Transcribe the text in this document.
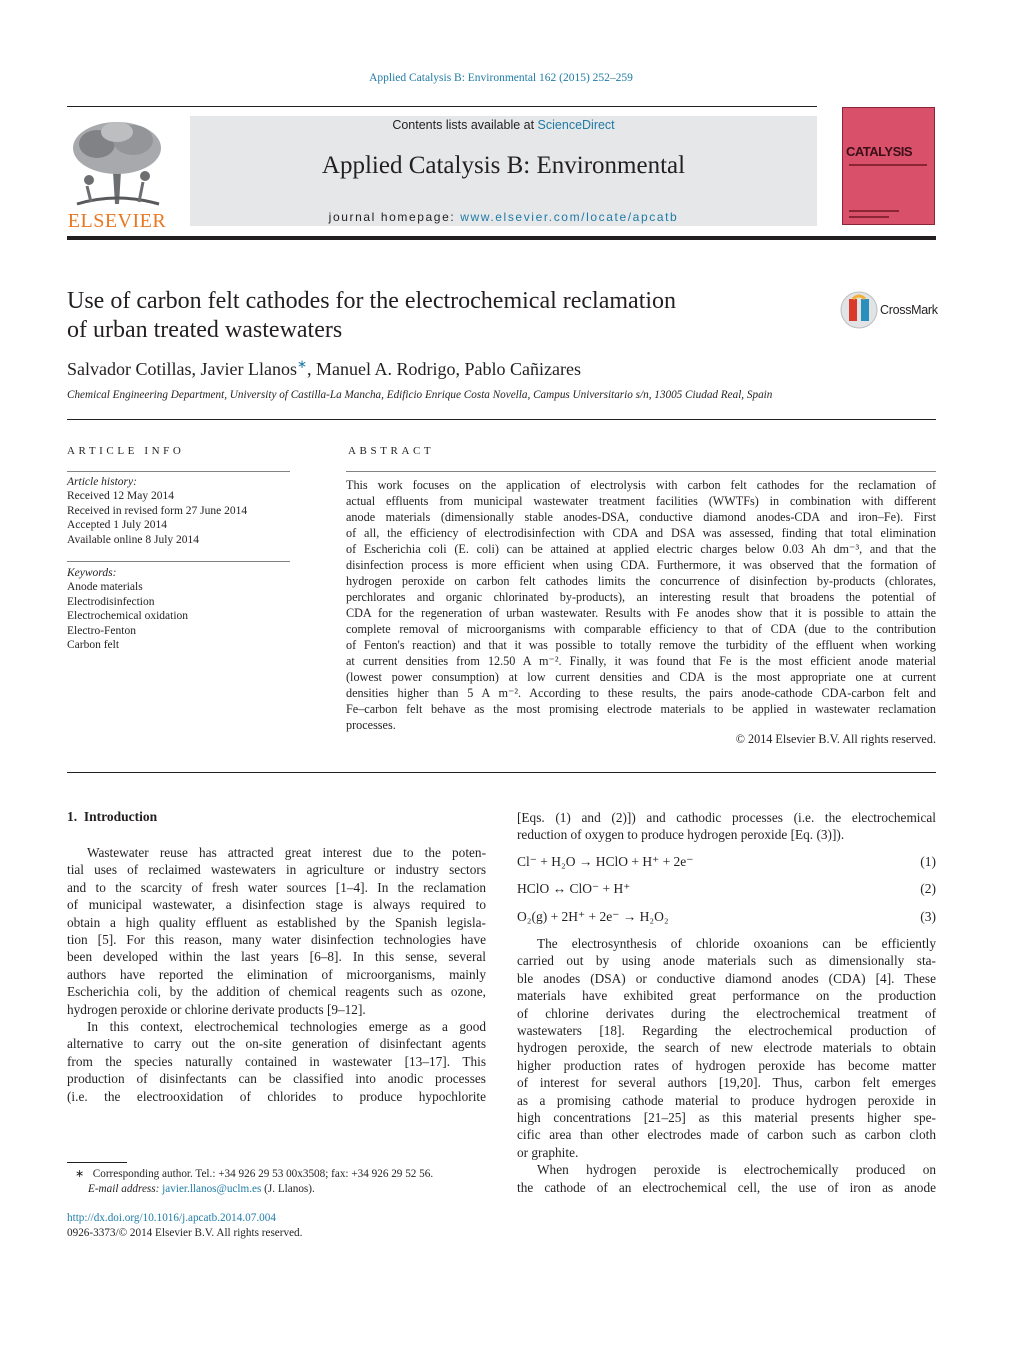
Applied Catalysis B: Environmental 162 (2015) 252–259
ELSEVIER
Contents lists available at ScienceDirect
Applied Catalysis B: Environmental
journal homepage: www.elsevier.com/locate/apcatb
CATALYSIS
Use of carbon felt cathodes for the electrochemical reclamation
of urban treated wastewaters
CrossMark
Salvador Cotillas, Javier Llanos∗, Manuel A. Rodrigo, Pablo Cañizares
Chemical Engineering Department, University of Castilla-La Mancha, Edificio Enrique Costa Novella, Campus Universitario s/n, 13005 Ciudad Real, Spain
ARTICLE INFO
Article history:
Received 12 May 2014
Received in revised form 27 June 2014
Accepted 1 July 2014
Available online 8 July 2014
Keywords:
Anode materials
Electrodisinfection
Electrochemical oxidation
Electro-Fenton
Carbon felt
ABSTRACT
This work focuses on the application of electrolysis with carbon felt cathodes for the reclamation of
actual effluents from municipal wastewater treatment facilities (WWTFs) in combination with different
anode materials (dimensionally stable anodes-DSA, conductive diamond anodes-CDA and iron–Fe). First
of all, the efficiency of electrodisinfection with CDA and DSA was assessed, finding that total elimination
of Escherichia coli (E. coli) can be attained at applied electric charges below 0.03 Ah dm⁻³, and that the
disinfection process is more efficient when using CDA. Furthermore, it was observed that the formation of
hydrogen peroxide on carbon felt cathodes limits the concurrence of disinfection by-products (chlorates,
perchlorates and organic chlorinated by-products), an interesting result that broadens the potential of
CDA for the regeneration of urban wastewater. Results with Fe anodes show that it is possible to attain the
complete removal of microorganisms with comparable efficiency to that of CDA (due to the contribution
of Fenton's reaction) and that it was possible to totally remove the turbidity of the effluent when working
at current densities from 12.50 A m⁻². Finally, it was found that Fe is the most efficient anode material
(lowest power consumption) at low current densities and CDA is the most appropriate one at current
densities higher than 5 A m⁻². According to these results, the pairs anode-cathode CDA-carbon felt and
Fe–carbon felt behave as the most promising electrode materials to be applied in wastewater reclamation
processes.
© 2014 Elsevier B.V. All rights reserved.
1.  Introduction
Wastewater reuse has attracted great interest due to the poten-
tial uses of reclaimed wastewaters in agriculture or industry sectors
and to the scarcity of fresh water sources [1–4]. In the reclamation
of municipal wastewater, a disinfection stage is always required to
obtain a high quality effluent as established by the Spanish legisla-
tion [5]. For this reason, many water disinfection technologies have
been developed within the last years [6–8]. In this sense, several
authors have reported the elimination of microorganisms, mainly
Escherichia coli, by the addition of chemical reagents such as ozone,
hydrogen peroxide or chlorine derivate products [9–12].
In this context, electrochemical technologies emerge as a good
alternative to carry out the on-site generation of disinfectant agents
from the species naturally contained in wastewater [13–17]. This
production of disinfectants can be classified into anodic processes
(i.e. the electrooxidation of chlorides to produce hypochlorite
[Eqs. (1) and (2)]) and cathodic processes (i.e. the electrochemical
reduction of oxygen to produce hydrogen peroxide [Eq. (3)]).
Cl⁻ + H₂O → HClO + H⁺ + 2e⁻	(1)
HClO ↔ ClO⁻ + H⁺	(2)
O₂(g) + 2H⁺ + 2e⁻ → H₂O₂	(3)
The electrosynthesis of chloride oxoanions can be efficiently
carried out by using anode materials such as dimensionally sta-
ble anodes (DSA) or conductive diamond anodes (CDA) [4]. These
materials have exhibited great performance on the production
of chlorine derivates during the electrochemical treatment of
wastewaters [18]. Regarding the electrochemical production of
hydrogen peroxide, the search of new electrode materials to obtain
higher production rates of hydrogen peroxide has become matter
of interest for several authors [19,20]. Thus, carbon felt emerges
as a promising cathode material to produce hydrogen peroxide in
high concentrations [21–25] as this material presents higher spe-
cific area than other electrodes made of carbon such as carbon cloth
or graphite.
When hydrogen peroxide is electrochemically produced on
the cathode of an electrochemical cell, the use of iron as anode
∗ Corresponding author. Tel.: +34 926 29 53 00x3508; fax: +34 926 29 52 56.
E-mail address: javier.llanos@uclm.es (J. Llanos).
http://dx.doi.org/10.1016/j.apcatb.2014.07.004
0926-3373/© 2014 Elsevier B.V. All rights reserved.
